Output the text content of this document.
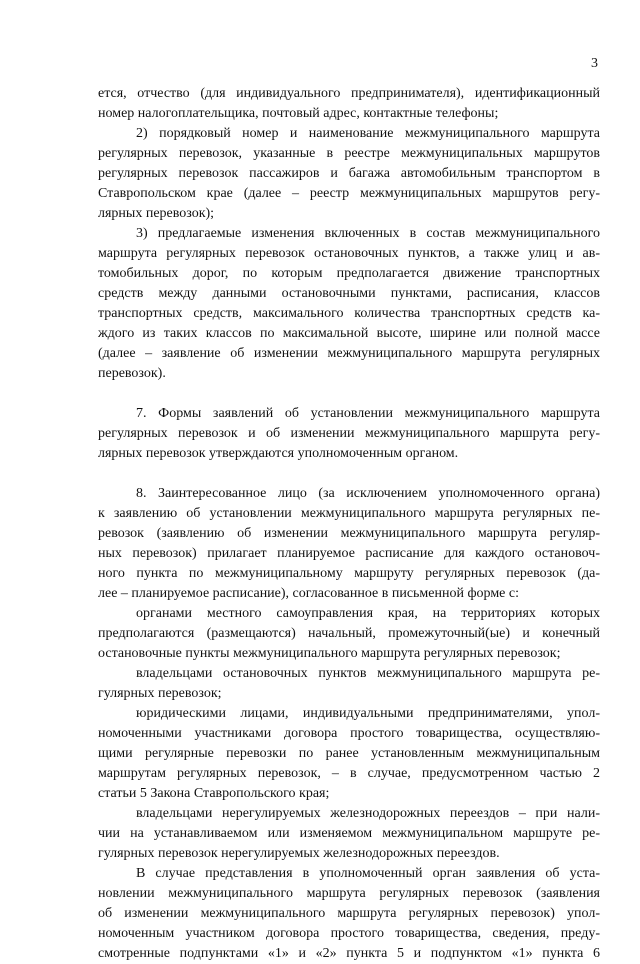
3
ется, отчество (для индивидуального предпринимателя), идентификационный
номер налогоплательщика, почтовый адрес, контактные телефоны;
2) порядковый номер и наименование межмуниципального маршрута
регулярных перевозок, указанные в реестре межмуниципальных маршрутов
регулярных перевозок пассажиров и багажа автомобильным транспортом в
Ставропольском крае (далее – реестр межмуниципальных маршрутов регу-
лярных перевозок);
3) предлагаемые изменения включенных в состав межмуниципального
маршрута регулярных перевозок остановочных пунктов, а также улиц и ав-
томобильных дорог, по которым предполагается движение транспортных
средств между данными остановочными пунктами, расписания, классов
транспортных средств, максимального количества транспортных средств ка-
ждого из таких классов по максимальной высоте, ширине или полной массе
(далее – заявление об изменении межмуниципального маршрута регулярных
перевозок).
7. Формы заявлений об установлении межмуниципального маршрута
регулярных перевозок и об изменении межмуниципального маршрута регу-
лярных перевозок утверждаются уполномоченным органом.
8. Заинтересованное лицо (за исключением уполномоченного органа)
к заявлению об установлении межмуниципального маршрута регулярных пе-
ревозок (заявлению об изменении межмуниципального маршрута регуляр-
ных перевозок) прилагает планируемое расписание для каждого остановоч-
ного пункта по межмуниципальному маршруту регулярных перевозок (да-
лее – планируемое расписание), согласованное в письменной форме с:
органами местного самоуправления края, на территориях которых
предполагаются (размещаются) начальный, промежуточный(ые) и конечный
остановочные пункты межмуниципального маршрута регулярных перевозок;
владельцами остановочных пунктов межмуниципального маршрута ре-
гулярных перевозок;
юридическими лицами, индивидуальными предпринимателями, упол-
номоченными участниками договора простого товарищества, осуществляю-
щими регулярные перевозки по ранее установленным межмуниципальным
маршрутам регулярных перевозок, – в случае, предусмотренном частью 2
статьи 5 Закона Ставропольского края;
владельцами нерегулируемых железнодорожных переездов – при нали-
чии на устанавливаемом или изменяемом межмуниципальном маршруте ре-
гулярных перевозок нерегулируемых железнодорожных переездов.
В случае представления в уполномоченный орган заявления об уста-
новлении межмуниципального маршрута регулярных перевозок (заявления
об изменении межмуниципального маршрута регулярных перевозок) упол-
номоченным участником договора простого товарищества, сведения, преду-
смотренные подпунктами «1» и «2» пункта 5 и подпунктом «1» пункта 6
